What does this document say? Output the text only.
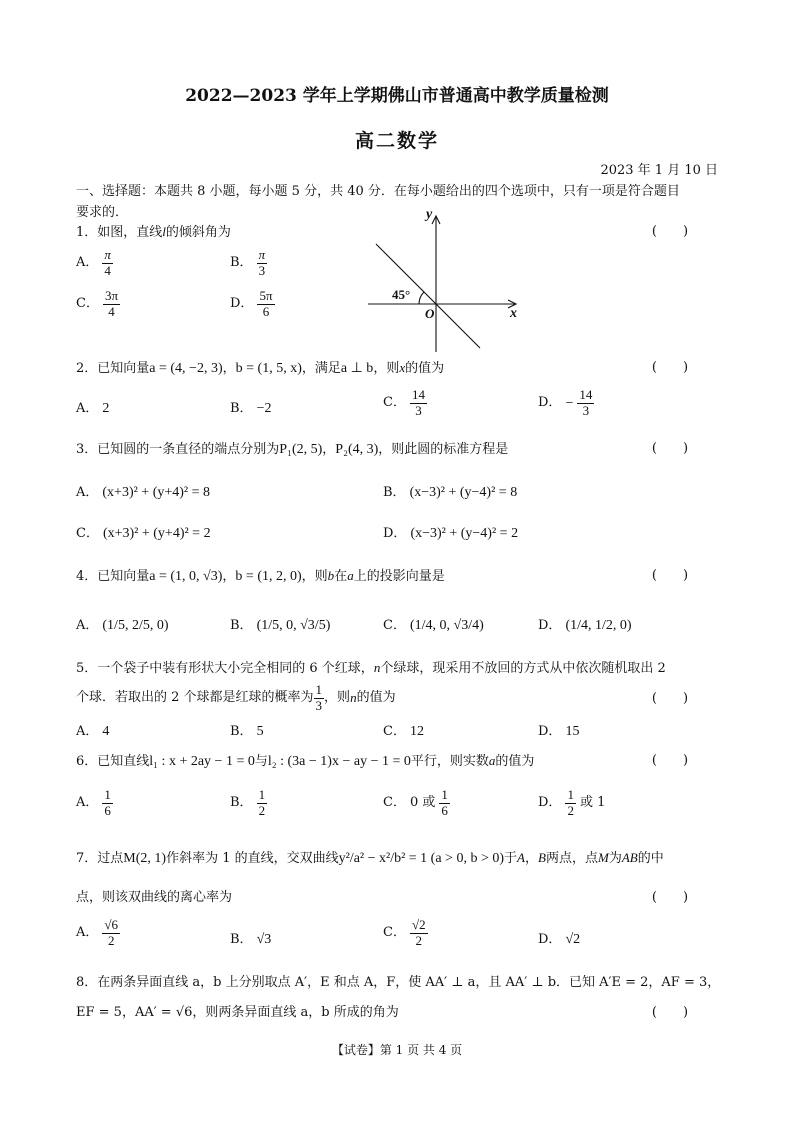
2022—2023 学年上学期佛山市普通高中教学质量检测
高二数学
2023 年 1 月 10 日
一、选择题：本题共 8 小题，每小题 5 分，共 40 分．在每小题给出的四个选项中，只有一项是符合题目
要求的．	y
x
O
45°
1．如图，直线l的倾斜角为	(　　)
A． $\frac{\pi}{4}$	B． $\frac{\pi}{3}$
C． $\frac{3\pi}{4}$	D． $\frac{5\pi}{6}$
2．已知向量a = (4, −2, 3)，b = (1, 5, x)，满足a ⊥ b，则x的值为	(　　)
A． 2	B． −2	C． $\frac{14}{3}$	D． − $\frac{14}{3}$
3．已知圆的一条直径的端点分别为P₁(2, 5)，P₂(4, 3)，则此圆的标准方程是	(　　)
A． (x+3)² + (y+4)² = 8	B． (x−3)² + (y−4)² = 8
C． (x+3)² + (y+4)² = 2	D． (x−3)² + (y−4)² = 2
4．已知向量a = (1, 0, √3)，b = (1, 2, 0)，则b在a上的投影向量是	(　　)
A． (1/5, 2/5, 0)	B． (1/5, 0, √3/5)	C． (1/4, 0, √3/4)	D． (1/4, 1/2, 0)
5．一个袋子中装有形状大小完全相同的 6 个红球，n个绿球，现采用不放回的方式从中依次随机取出 2
个球．若取出的 2 个球都是红球的概率为 $\frac{1}{3}$ ，则 n 的值为	(　　)
A． 4	B． 5	C． 12	D． 15
6．已知直线l₁ : x + 2ay − 1 = 0与l₂ : (3a − 1)x − ay − 1 = 0平行，则实数a的值为	(　　)
A． $\frac{1}{6}$	B． $\frac{1}{2}$	C． 0 或 $\frac{1}{6}$	D． $\frac{1}{2}$ 或 1
7．过点M(2, 1)作斜率为 1 的直线，交双曲线y²/a² − x²/b² = 1 (a > 0, b > 0)于A，B两点，点M为AB的中
点，则该双曲线的离心率为	(　　)
A． $\frac{√6}{2}$	B． √3	C． $\frac{√2}{2}$	D． √2
8．在两条异面直线 a，b 上分别取点 A′，E 和点 A，F，使 AA′ ⊥ a，且 AA′ ⊥ b．已知 A′E = 2，AF = 3，
EF = 5，AA′ = √6，则两条异面直线 a，b 所成的角为	(　　)
【试卷】第 1 页 共 4 页
